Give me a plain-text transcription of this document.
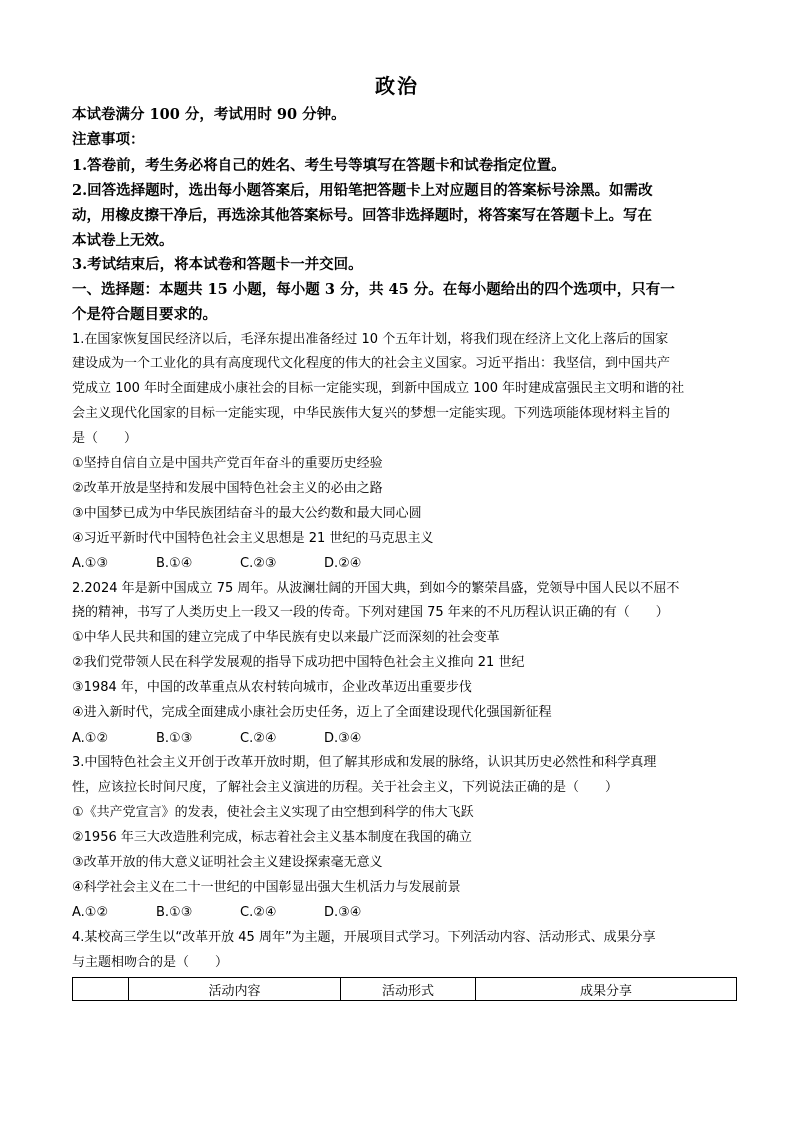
政治
本试卷满分 100 分，考试用时 90 分钟。
注意事项：
1.答卷前，考生务必将自己的姓名、考生号等填写在答题卡和试卷指定位置。
2.回答选择题时，选出每小题答案后，用铅笔把答题卡上对应题目的答案标号涂黑。如需改
动，用橡皮擦干净后，再选涂其他答案标号。回答非选择题时，将答案写在答题卡上。写在
本试卷上无效。
3.考试结束后，将本试卷和答题卡一并交回。
一、选择题：本题共 15 小题，每小题 3 分，共 45 分。在每小题给出的四个选项中，只有一
个是符合题目要求的。
1.在国家恢复国民经济以后，毛泽东提出准备经过 10 个五年计划，将我们现在经济上文化上落后的国家
建设成为一个工业化的具有高度现代文化程度的伟大的社会主义国家。习近平指出：我坚信，到中国共产
党成立 100 年时全面建成小康社会的目标一定能实现，到新中国成立 100 年时建成富强民主文明和谐的社
会主义现代化国家的目标一定能实现，中华民族伟大复兴的梦想一定能实现。下列选项能体现材料主旨的
是（　　）
①坚持自信自立是中国共产党百年奋斗的重要历史经验
②改革开放是坚持和发展中国特色社会主义的必由之路
③中国梦已成为中华民族团结奋斗的最大公约数和最大同心圆
④习近平新时代中国特色社会主义思想是 21 世纪的马克思主义
A.①③	B.①④	C.②③	D.②④
2.2024 年是新中国成立 75 周年。从波澜壮阔的开国大典，到如今的繁荣昌盛，党领导中国人民以不屈不
挠的精神，书写了人类历史上一段又一段的传奇。下列对建国 75 年来的不凡历程认识正确的有（　　）
①中华人民共和国的建立完成了中华民族有史以来最广泛而深刻的社会变革
②我们党带领人民在科学发展观的指导下成功把中国特色社会主义推向 21 世纪
③1984 年，中国的改革重点从农村转向城市，企业改革迈出重要步伐
④进入新时代，完成全面建成小康社会历史任务，迈上了全面建设现代化强国新征程
A.①②	B.①③	C.②④	D.③④
3.中国特色社会主义开创于改革开放时期，但了解其形成和发展的脉络，认识其历史必然性和科学真理
性，应该拉长时间尺度，了解社会主义演进的历程。关于社会主义，下列说法正确的是（　　）
①《共产党宣言》的发表，使社会主义实现了由空想到科学的伟大飞跃
②1956 年三大改造胜利完成，标志着社会主义基本制度在我国的确立
③改革开放的伟大意义证明社会主义建设探索毫无意义
④科学社会主义在二十一世纪的中国彰显出强大生机活力与发展前景
A.①②	B.①③	C.②④	D.③④
4.某校高三学生以“改革开放 45 周年”为主题，开展项目式学习。下列活动内容、活动形式、成果分享
与主题相吻合的是（　　）
	活动内容	活动形式	成果分享
